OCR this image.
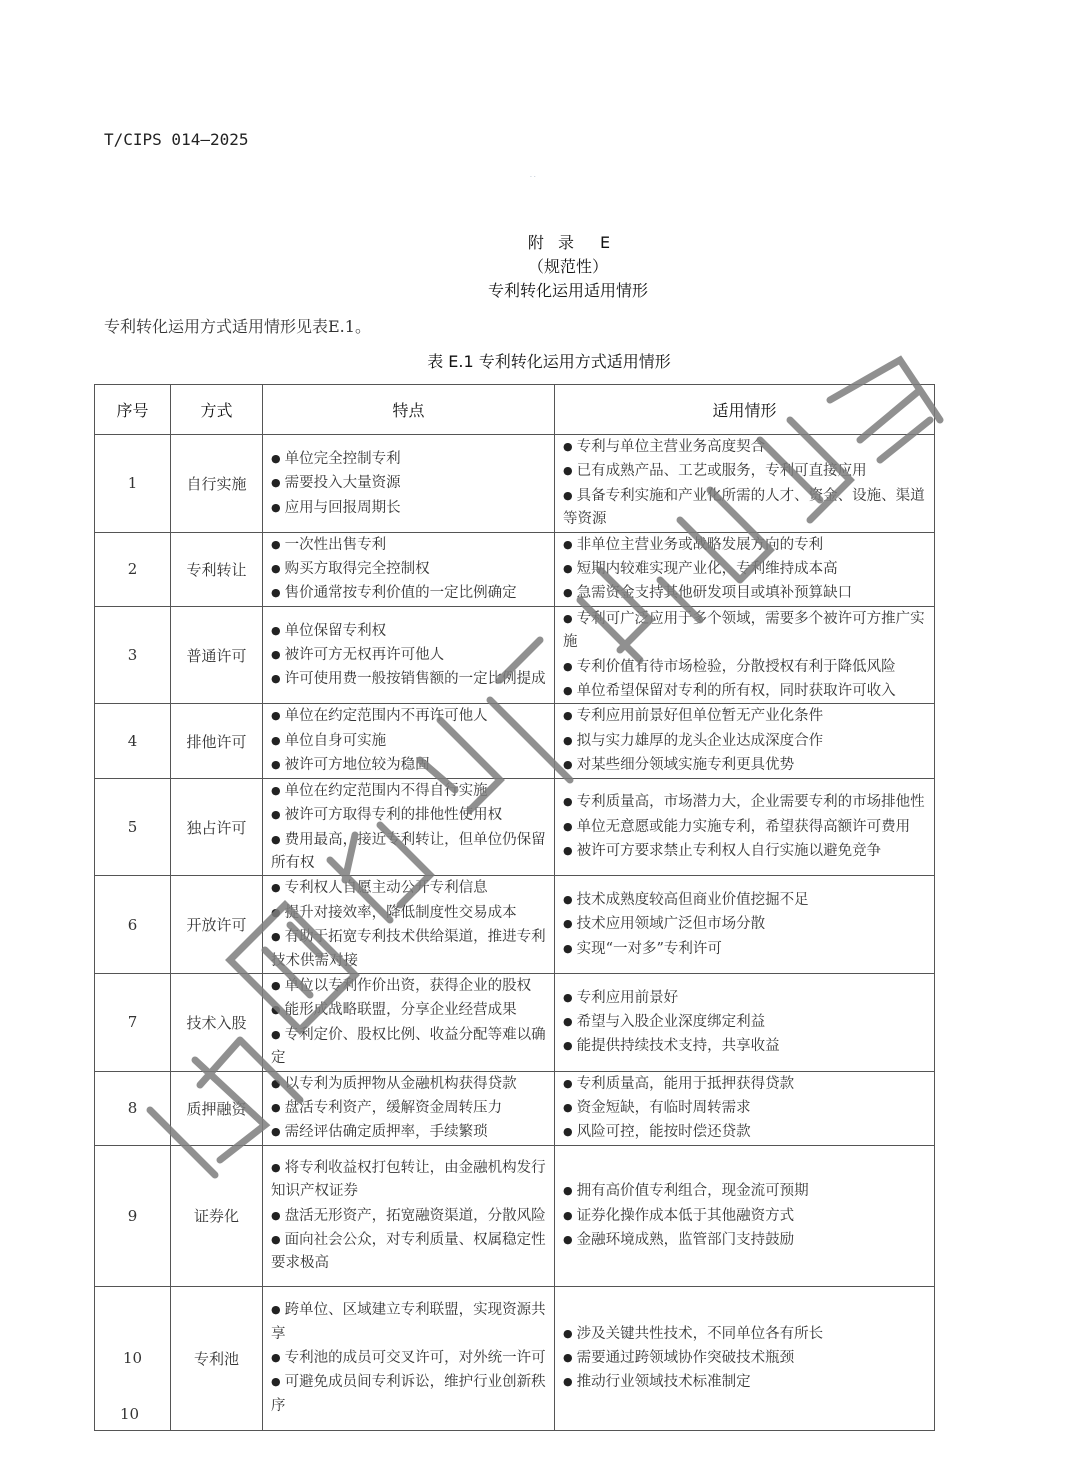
T/CIPS 014—2025
· ·
附 录 E
（规范性）
专利转化运用适用情形
专利转化运用方式适用情形见表E.1。
表 E.1 专利转化运用方式适用情形
序号	方式	特点	适用情形
1	自行实施	● 单位完全控制专利
● 需要投入大量资源
● 应用与回报周期长	● 专利与单位主营业务高度契合
● 已有成熟产品、工艺或服务，专利可直接应用
● 具备专利实施和产业化所需的人才、资金、设施、渠道等资源

2	专利转让	● 一次性出售专利
● 购买方取得完全控制权
● 售价通常按专利价值的一定比例确定	● 非单位主营业务或战略发展方向的专利
● 短期内较难实现产业化，专利维持成本高
● 急需资金支持其他研发项目或填补预算缺口

3	普通许可	● 单位保留专利权
● 被许可方无权再许可他人
● 许可使用费一般按销售额的一定比例提成	● 专利可广泛应用于多个领域，需要多个被许可方推广实施
● 专利价值有待市场检验，分散授权有利于降低风险
● 单位希望保留对专利的所有权，同时获取许可收入

4	排他许可	● 单位在约定范围内不再许可他人
● 单位自身可实施
● 被许可方地位较为稳固	● 专利应用前景好但单位暂无产业化条件
● 拟与实力雄厚的龙头企业达成深度合作
● 对某些细分领域实施专利更具优势

5	独占许可	● 单位在约定范围内不得自行实施
● 被许可方取得专利的排他性使用权
● 费用最高，接近专利转让，但单位仍保留所有权	● 专利质量高，市场潜力大，企业需要专利的市场排他性
● 单位无意愿或能力实施专利，希望获得高额许可费用
● 被许可方要求禁止专利权人自行实施以避免竞争

6	开放许可	● 专利权人自愿主动公开专利信息
● 提升对接效率，降低制度性交易成本
● 有助于拓宽专利技术供给渠道，推进专利技术供需对接	● 技术成熟度较高但商业价值挖掘不足
● 技术应用领域广泛但市场分散
● 实现“一对多”专利许可

7	技术入股	● 单位以专利作价出资，获得企业的股权
● 能形成战略联盟，分享企业经营成果
● 专利定价、股权比例、收益分配等难以确定	● 专利应用前景好
● 希望与入股企业深度绑定利益
● 能提供持续技术支持，共享收益

8	质押融资	● 以专利为质押物从金融机构获得贷款
● 盘活专利资产，缓解资金周转压力
● 需经评估确定质押率，手续繁琐	● 专利质量高，能用于抵押获得贷款
● 资金短缺，有临时周转需求
● 风险可控，能按时偿还贷款

9	证券化	● 将专利收益权打包转让，由金融机构发行知识产权证券
● 盘活无形资产，拓宽融资渠道，分散风险
● 面向社会公众，对专利质量、权属稳定性要求极高	● 拥有高价值专利组合，现金流可预期
● 证券化操作成本低于其他融资方式
● 金融环境成熟，监管部门支持鼓励

10	专利池	● 跨单位、区域建立专利联盟，实现资源共享
● 专利池的成员可交叉许可，对外统一许可
● 可避免成员间专利诉讼，维护行业创新秩序	● 涉及关键共性技术，不同单位各有所长
● 需要通过跨领域协作突破技术瓶颈
● 推动行业领域技术标准制定
10
